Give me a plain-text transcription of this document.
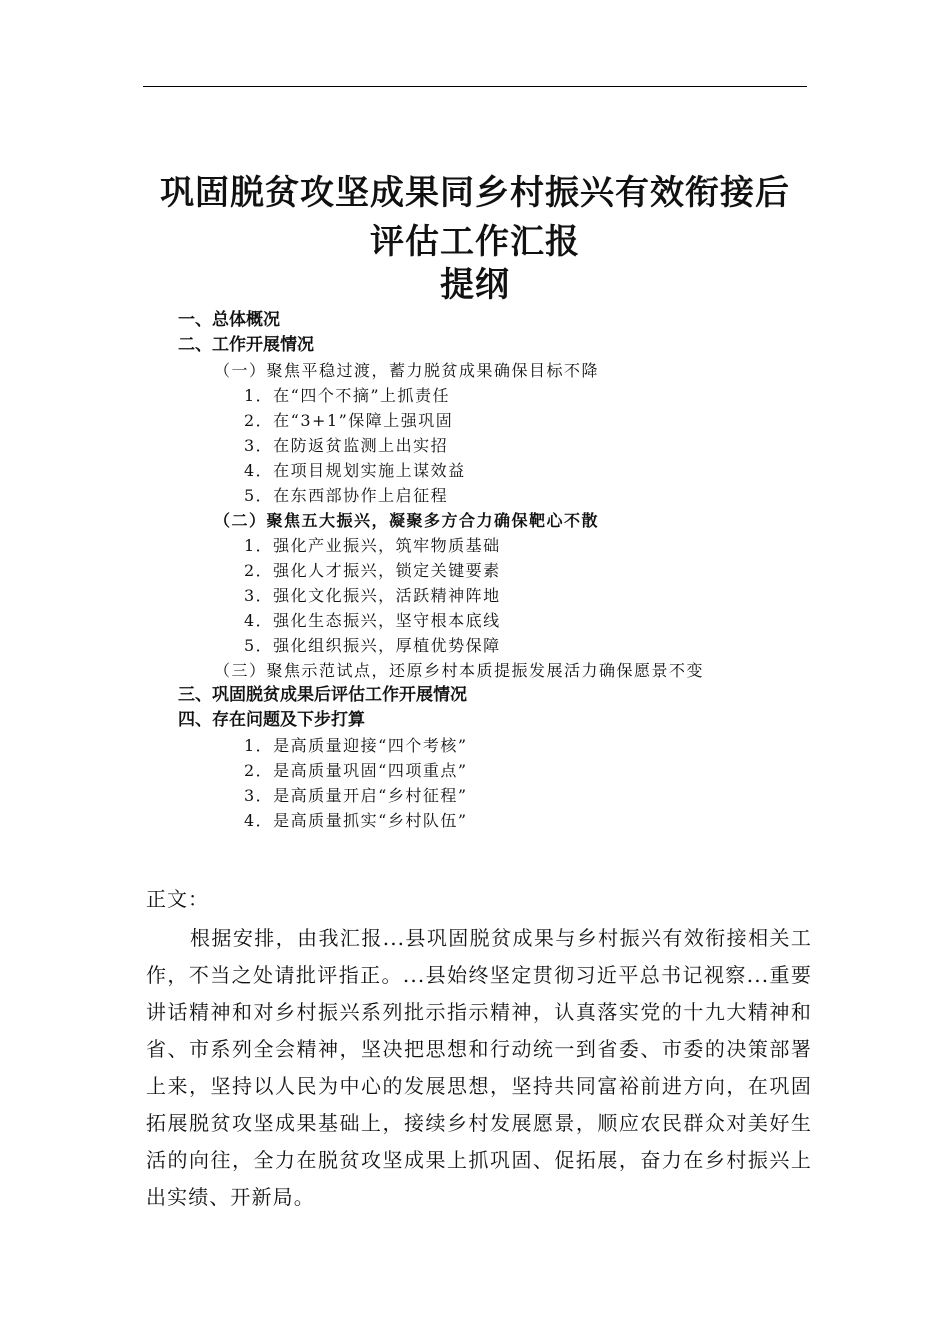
巩固脱贫攻坚成果同乡村振兴有效衔接后
评估工作汇报
提纲
一、总体概况
二、工作开展情况
（一）聚焦平稳过渡，蓄力脱贫成果确保目标不降
1．在“四个不摘”上抓责任
2．在“3+1”保障上强巩固
3．在防返贫监测上出实招
4．在项目规划实施上谋效益
5．在东西部协作上启征程
（二）聚焦五大振兴，凝聚多方合力确保靶心不散
1．强化产业振兴，筑牢物质基础
2．强化人才振兴，锁定关键要素
3．强化文化振兴，活跃精神阵地
4．强化生态振兴，坚守根本底线
5．强化组织振兴，厚植优势保障
（三）聚焦示范试点，还原乡村本质提振发展活力确保愿景不变
三、巩固脱贫成果后评估工作开展情况
四、存在问题及下步打算
1．是高质量迎接“四个考核”
2．是高质量巩固“四项重点”
3．是高质量开启“乡村征程”
4．是高质量抓实“乡村队伍”
正文：
根据安排，由我汇报...县巩固脱贫成果与乡村振兴有效衔接相关工作，不当之处请批评指正。...县始终坚定贯彻习近平总书记视察...重要讲话精神和对乡村振兴系列批示指示精神，认真落实党的十九大精神和省、市系列全会精神，坚决把思想和行动统一到省委、市委的决策部署上来，坚持以人民为中心的发展思想，坚持共同富裕前进方向，在巩固拓展脱贫攻坚成果基础上，接续乡村发展愿景，顺应农民群众对美好生活的向往，全力在脱贫攻坚成果上抓巩固、促拓展，奋力在乡村振兴上出实绩、开新局。
